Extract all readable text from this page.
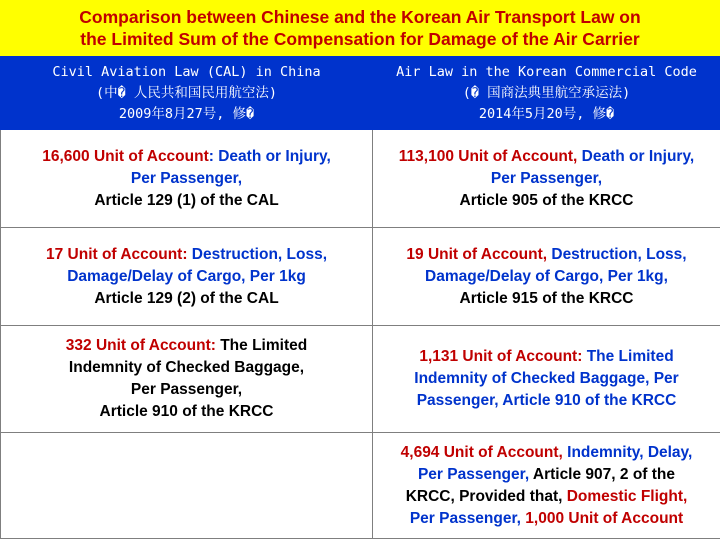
Comparison between Chinese and the Korean Air Transport Law on
the Limited Sum of the Compensation for Damage of the Air Carrier
Civil Aviation Law (CAL) in China
(中� 人民共和国民用航空法)
2009年8月27号, 修�	Air Law in the Korean Commercial Code
(� 国商法典里航空承运法)
2014年5月20号, 修�

16,600 Unit of Account: Death or Injury,
Per Passenger,
Article 129 (1) of the CAL	113,100 Unit of Account, Death or Injury,
Per Passenger,
Article 905 of the KRCC

17 Unit of Account: Destruction, Loss,
Damage/Delay of Cargo, Per 1kg
Article 129 (2) of the CAL	19 Unit of Account, Destruction, Loss,
Damage/Delay of Cargo, Per 1kg,
Article 915 of the KRCC

332 Unit of Account: The Limited
Indemnity of Checked Baggage,
Per Passenger,
Article 910 of the KRCC	1,131 Unit of Account: The Limited
Indemnity of Checked Baggage, Per
Passenger, Article 910 of the KRCC

	4,694 Unit of Account, Indemnity, Delay,
Per Passenger, Article 907, 2 of the
KRCC, Provided that, Domestic Flight,
Per Passenger, 1,000 Unit of Account
